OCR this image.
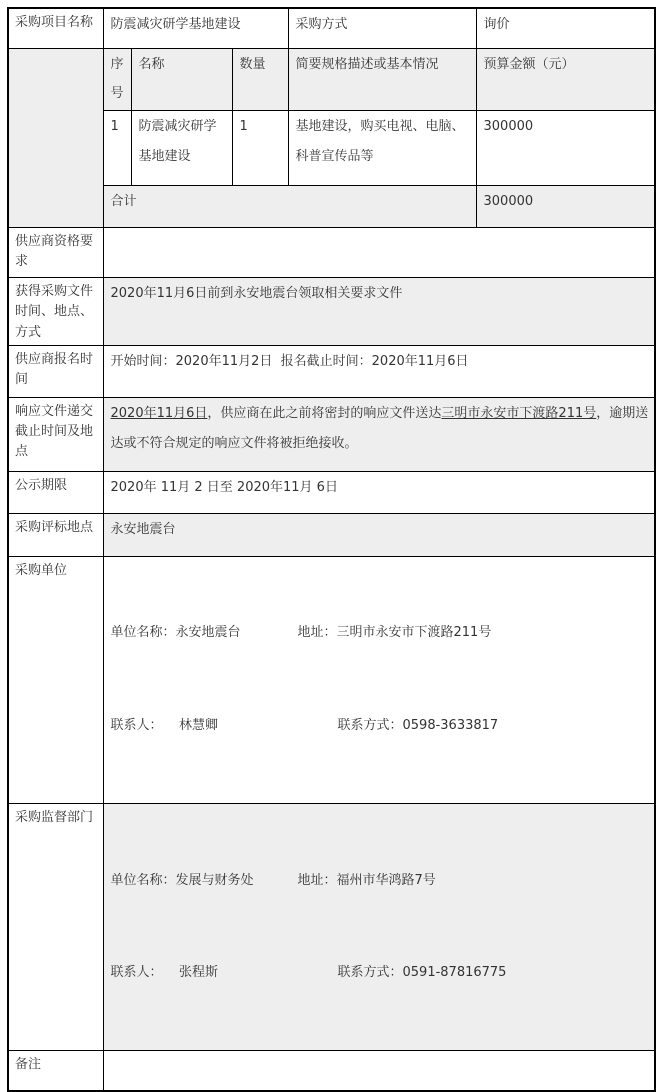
采购项目名称	防震减灾研学基地建设			采购方式	询价
	序号	名称	数量	简要规格描述或基本情况	预算金额（元）
	1	防震减灾研学基地建设	1	基地建设，购买电视、电脑、科普宣传品等	300000
	合计				300000
供应商资格要求					
获得采购文件时间、地点、方式	2020年11月6日前到永安地震台领取相关要求文件				
供应商报名时间	开始时间：2020年11月2日  报名截止时间：2020年11月6日				
响应文件递交截止时间及地点	2020年11月6日，供应商在此之前将密封的响应文件送达三明市永安市下渡路211号，逾期送达或不符合规定的响应文件将被拒绝接收。				
公示期限	2020年 11月 2 日至 2020年11月 6日				
采购评标地点	永安地震台				
采购单位	单位名称：永安地震台 地址：三明市永安市下渡路211号

联系人：    林慧卿 联系方式：0598-3633817				

采购监督部门	单位名称：发展与财务处 地址：福州市华鸿路7号

联系人：    张程斯 联系方式：0591-87816775				

备注					
